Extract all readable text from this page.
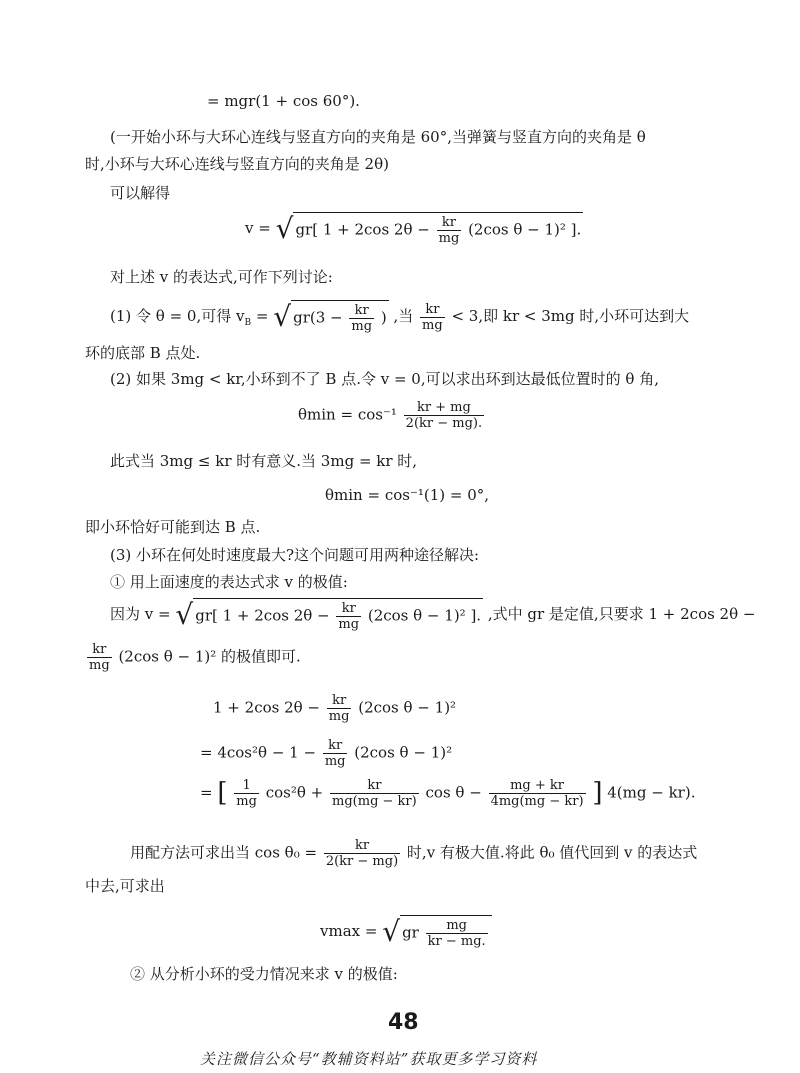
= mgr(1 + cos 60°).
(一开始小环与大环心连线与竖直方向的夹角是 60°,当弹簧与竖直方向的夹角是 θ
时,小环与大环心连线与竖直方向的夹角是 2θ)
可以解得
v = √ gr[ 1 + 2cos $2\theta - \frac{kr}{mg} (2\cos$ θ − 1)² ].
对上述 v 的表达式,可作下列讨论:
(1) 令 θ = 0,可得 $v_B$ = √ $gr(3 - \frac{kr}{mg}$ ) ,当 $\frac{kr}{mg} < 3$,即 kr < 3mg 时,小环可达到大
环的底部 B 点处.
(2) 如果 3mg < kr,小环到不了 B 点.令 v = 0,可以求出环到达最低位置时的 θ 角,
$\theta\min = \cos^{-1} \frac{kr + mg}{2(kr - mg).}$
此式当 3mg ≤ kr 时有意义.当 3mg = kr 时,
θmin = cos⁻¹(1) = 0°,
即小环恰好可能到达 B 点.
(3) 小环在何处时速度最大?这个问题可用两种途径解决:
① 用上面速度的表达式求 v 的极值:
因为 v = √ gr[ 1 + 2cos $2\theta - \frac{kr}{mg} (2\cos$ θ − 1)² ]. ,式中 gr 是定值,只要求 1 + 2cos 2θ −
$\frac{kr}{mg} (2\cos$ θ − 1)² 的极值即可.
1 + 2cos $2\theta - \frac{kr}{mg} (2\cos$ θ − 1)²
= $4\cos^2\theta - 1 - \frac{kr}{mg} (2\cos$ θ − 1)²
= [ $\frac{1}{mg} \cos^2\theta + \frac{kr}{mg(mg - kr)}$ $\cos \theta - \frac{mg + kr}{4mg(mg - kr)}$ ] 4(mg − kr).
用配方法可求出当 $\cos \theta_0 = \frac{kr}{2(kr - mg)}$ 时,v 有极大值.将此 θ₀ 值代回到 v 的表达式
中去,可求出
vmax = √ gr $\frac{mg}{kr - mg.}$
② 从分析小环的受力情况来求 v 的极值:
48
关注微信公众号“教辅资料站”获取更多学习资料
